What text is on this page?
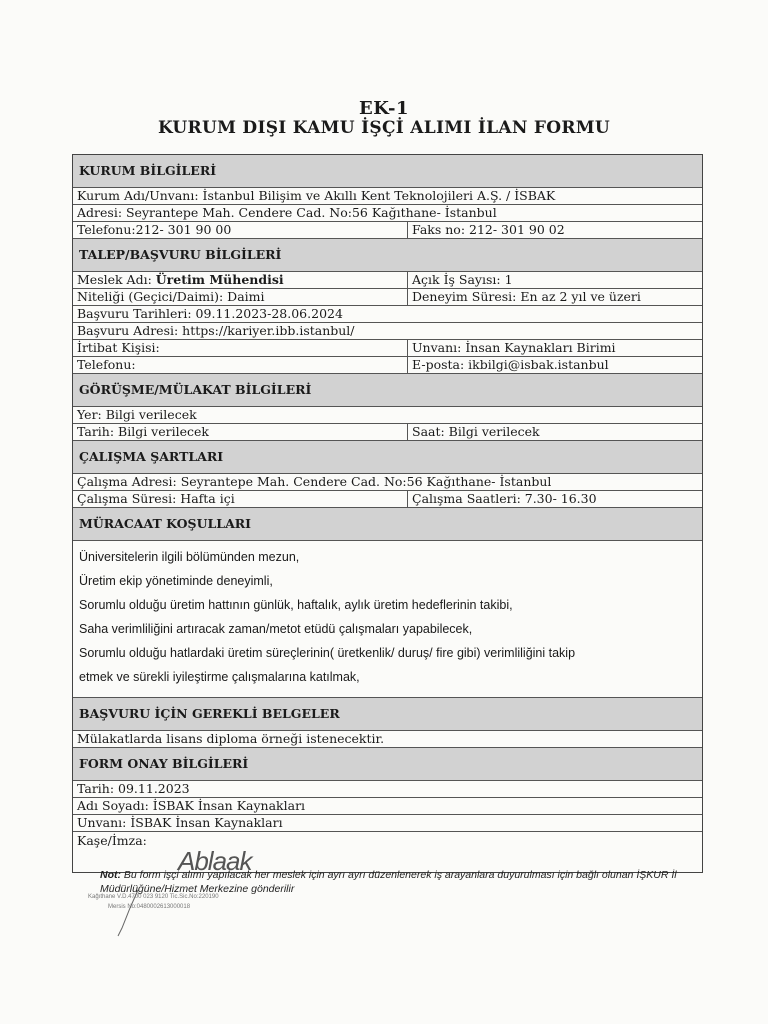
EK-1
KURUM DIŞI KAMU İŞÇİ ALIMI İLAN FORMU
KURUM BİLGİLERİ
Kurum Adı/Unvanı: İstanbul Bilişim ve Akıllı Kent Teknolojileri A.Ş. / İSBAK
Adresi: Seyrantepe Mah. Cendere Cad. No:56 Kağıthane- İstanbul
Telefonu:212- 301 90 00	Faks no: 212- 301 90 02
TALEP/BAŞVURU BİLGİLERİ
Meslek Adı: Üretim Mühendisi	Açık İş Sayısı: 1
Niteliği (Geçici/Daimi): Daimi	Deneyim Süresi: En az 2 yıl ve üzeri
Başvuru Tarihleri: 09.11.2023-28.06.2024
Başvuru Adresi: https://kariyer.ibb.istanbul/
İrtibat Kişisi:	Unvanı: İnsan Kaynakları Birimi
Telefonu:	E-posta: ikbilgi@isbak.istanbul
GÖRÜŞME/MÜLAKAT BİLGİLERİ
Yer: Bilgi verilecek
Tarih: Bilgi verilecek	Saat: Bilgi verilecek
ÇALIŞMA ŞARTLARI
Çalışma Adresi: Seyrantepe Mah. Cendere Cad. No:56 Kağıthane- İstanbul
Çalışma Süresi: Hafta içi	Çalışma Saatleri: 7.30- 16.30
MÜRACAAT KOŞULLARI
Üniversitelerin ilgili bölümünden mezun,
Üretim ekip yönetiminde deneyimli,
Sorumlu olduğu üretim hattının günlük, haftalık, aylık üretim hedeflerinin takibi,
Saha verimliliğini artıracak zaman/metot etüdü çalışmaları yapabilecek,
Sorumlu olduğu hatlardaki üretim süreçlerinin( üretkenlik/ duruş/ fire gibi) verimliliğini takip
etmek ve sürekli iyileştirme çalışmalarına katılmak,
BAŞVURU İÇİN GEREKLİ BELGELER
Mülakatlarda lisans diploma örneği istenecektir.
FORM ONAY BİLGİLERİ
Tarih: 09.11.2023
Adı Soyadı: İSBAK İnsan Kaynakları
Unvanı: İSBAK İnsan Kaynakları
Kaşe/İmza:
Ablaak
Kağıthane V.D.4700 023 9120 Tic.Sic.No:220190
Mersis No:0480002613000018
Not: Bu form işçi alımı yapılacak her meslek için ayrı ayrı düzenlenerek iş arayanlara duyurulması için bağlı olunan İŞKUR İl Müdürlüğüne/Hizmet Merkezine gönderilir
